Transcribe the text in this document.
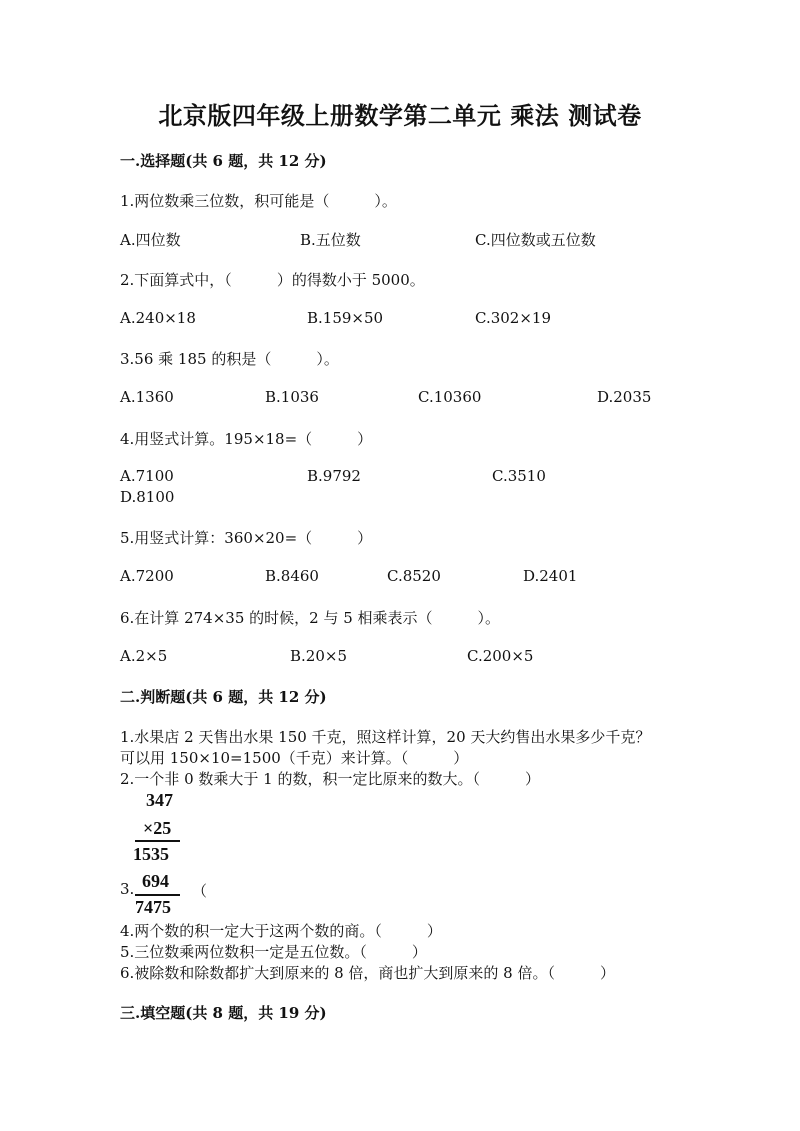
北京版四年级上册数学第二单元 乘法 测试卷
一.选择题(共 6 题，共 12 分)
1.两位数乘三位数，积可能是（　　　）。
A.四位数	B.五位数	C.四位数或五位数
2.下面算式中，（　　　）的得数小于 5000。
A.240×18	B.159×50	C.302×19
3.56 乘 185 的积是（　　　）。
A.1360	B.1036	C.10360	D.2035
4.用竖式计算。195×18=（　　　）
A.7100	B.9792	C.3510
D.8100
5.用竖式计算：360×20=（　　　）
A.7200	B.8460	C.8520	D.2401
6.在计算 274×35 的时候，2 与 5 相乘表示（　　　）。
A.2×5	B.20×5	C.200×5
二.判断题(共 6 题，共 12 分)
1.水果店 2 天售出水果 150 千克，照这样计算，20 天大约售出水果多少千克？
可以用 150×10=1500（千克）来计算。（　　　）
2.一个非 0 数乘大于 1 的数，积一定比原来的数大。（　　　）
347
×25
1535
3. 694
7475
（
4.两个数的积一定大于这两个数的商。（　　　）
5.三位数乘两位数积一定是五位数。（　　　）
6.被除数和除数都扩大到原来的 8 倍，商也扩大到原来的 8 倍。（　　　）
三.填空题(共 8 题，共 19 分)
